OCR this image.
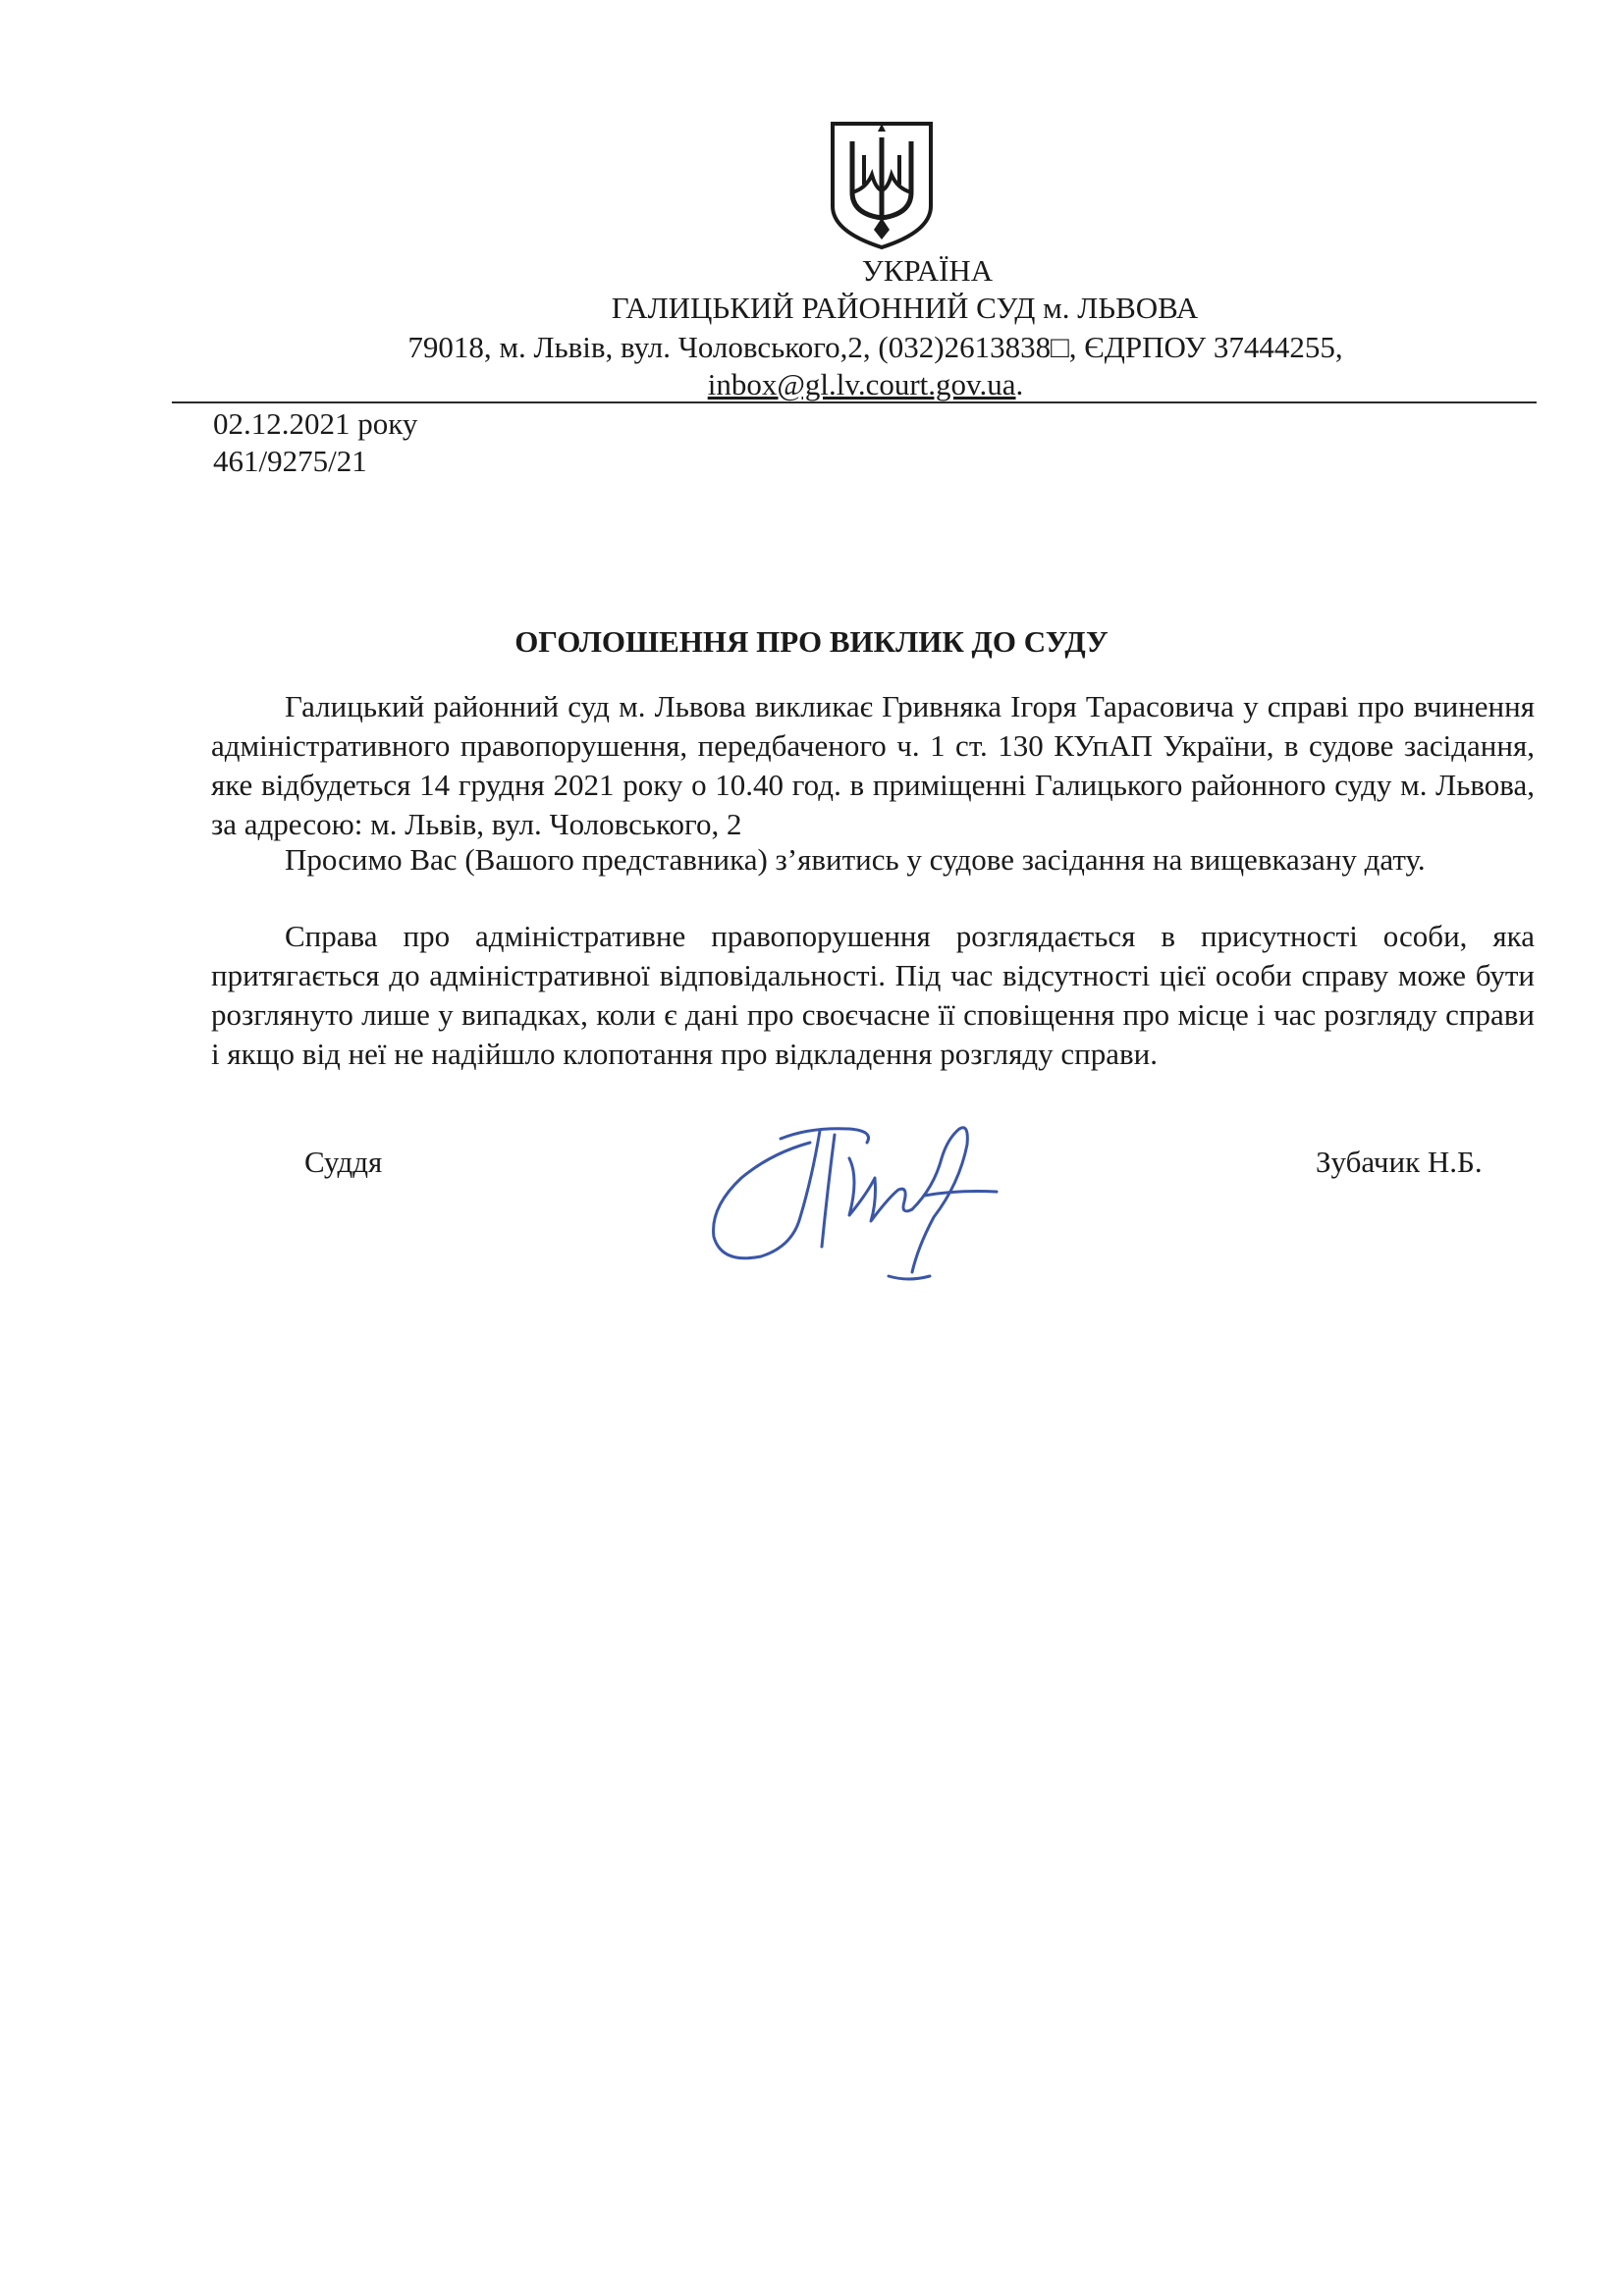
УКРАЇНА
ГАЛИЦЬКИЙ РАЙОННИЙ СУД м. ЛЬВОВА
79018, м. Львів, вул. Чоловського,2, (032)2613838□, ЄДРПОУ 37444255,
inbox@gl.lv.court.gov.ua.
02.12.2021 року
461/9275/21
ОГОЛОШЕННЯ ПРО ВИКЛИК ДО СУДУ

Галицький районний суд м. Львова викликає Гривняка Ігоря Тарасовича у справі про вчинення адміністративного правопорушення, передбаченого ч. 1 ст. 130 КУпАП України, в судове засідання, яке відбудеться 14 грудня 2021 року о 10.40 год. в приміщенні Галицького районного суду м. Львова, за адресою: м. Львів, вул. Чоловського, 2

Просимо Вас (Вашого представника) з’явитись у судове засідання на вищевказану дату.

Справа про адміністративне правопорушення розглядається в присутності особи, яка притягається до адміністративної відповідальності. Під час відсутності цієї особи справу може бути розглянуто лише у випадках, коли є дані про своєчасне її сповіщення про місце і час розгляду справи і якщо від неї не надійшло клопотання про відкладення розгляду справи.

Суддя	Зубачик Н.Б.
